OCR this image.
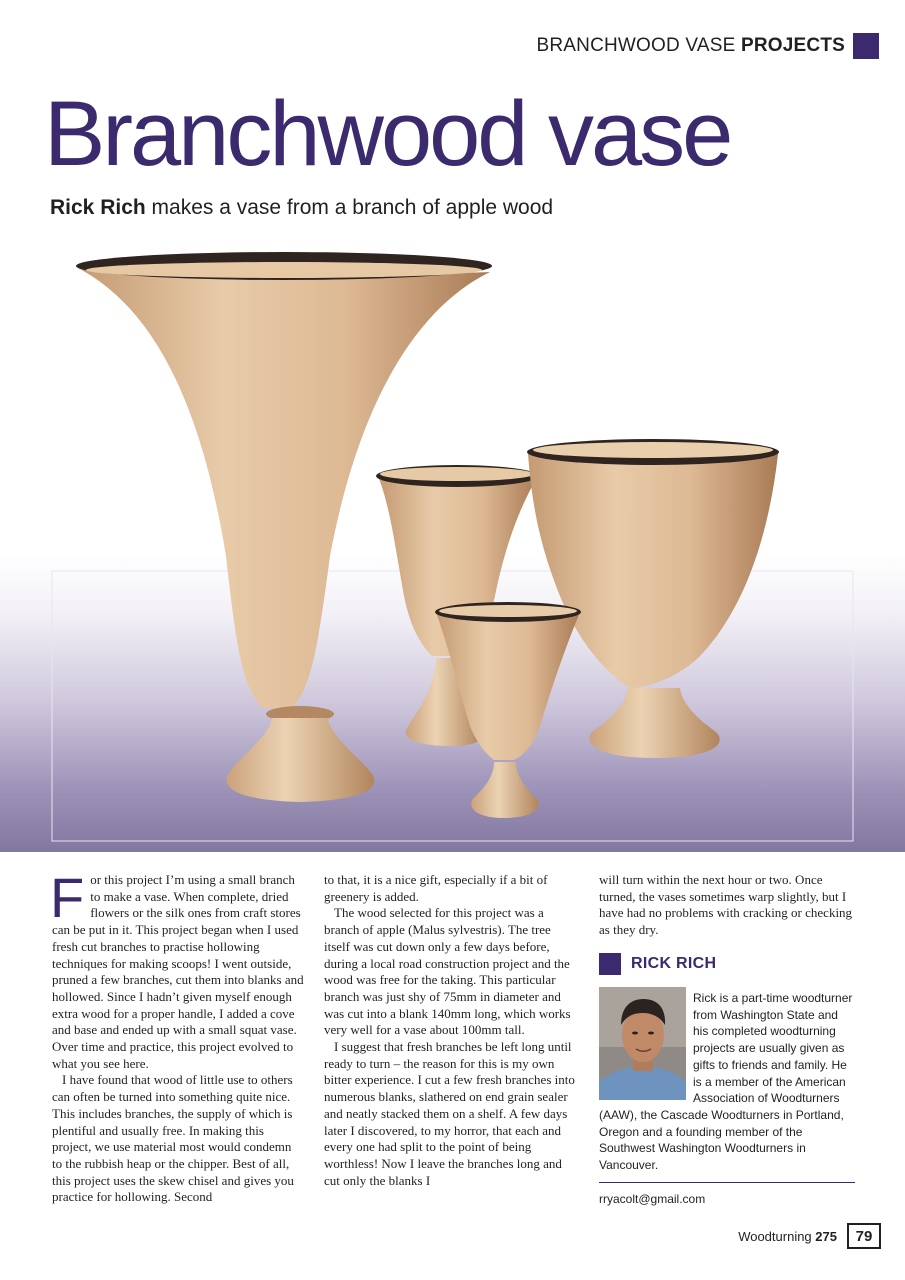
BRANCHWOOD VASE PROJECTS
Branchwood vase
Rick Rich makes a vase from a branch of apple wood

For this project I’m using a small branch to make a vase. When complete, dried flowers or the silk ones from craft stores can be put in it. This project began when I used fresh cut branches to practise hollowing techniques for making scoops! I went outside, pruned a few branches, cut them into blanks and hollowed. Since I hadn’t given myself enough extra wood for a proper handle, I added a cove and base and ended up with a small squat vase. Over time and practice, this project evolved to what you see here.

I have found that wood of little use to others can often be turned into something quite nice. This includes branches, the supply of which is plentiful and usually free. In making this project, we use material most would condemn to the rubbish heap or the chipper. Best of all, this project uses the skew chisel and gives you practice for hollowing. Second

to that, it is a nice gift, especially if a bit of greenery is added.

The wood selected for this project was a branch of apple (Malus sylvestris). The tree itself was cut down only a few days before, during a local road construction project and the wood was free for the taking. This particular branch was just shy of 75mm in diameter and was cut into a blank 140mm long, which works very well for a vase about 100mm tall.

I suggest that fresh branches be left long until ready to turn – the reason for this is my own bitter experience. I cut a few fresh branches into numerous blanks, slathered on end grain sealer and neatly stacked them on a shelf. A few days later I discovered, to my horror, that each and every one had split to the point of being worthless! Now I leave the branches long and cut only the blanks I

will turn within the next hour or two. Once turned, the vases sometimes warp slightly, but I have had no problems with cracking or checking as they dry.

RICK RICH
Rick is a part-time woodturner from Washington State and his completed woodturning projects are usually given as gifts to friends and family. He is a member of the American Association of Woodturners (AAW), the Cascade Woodturners in Portland, Oregon and a founding member of the Southwest Washington Woodturners in Vancouver.
rryacolt@gmail.com
Woodturning 275	79
